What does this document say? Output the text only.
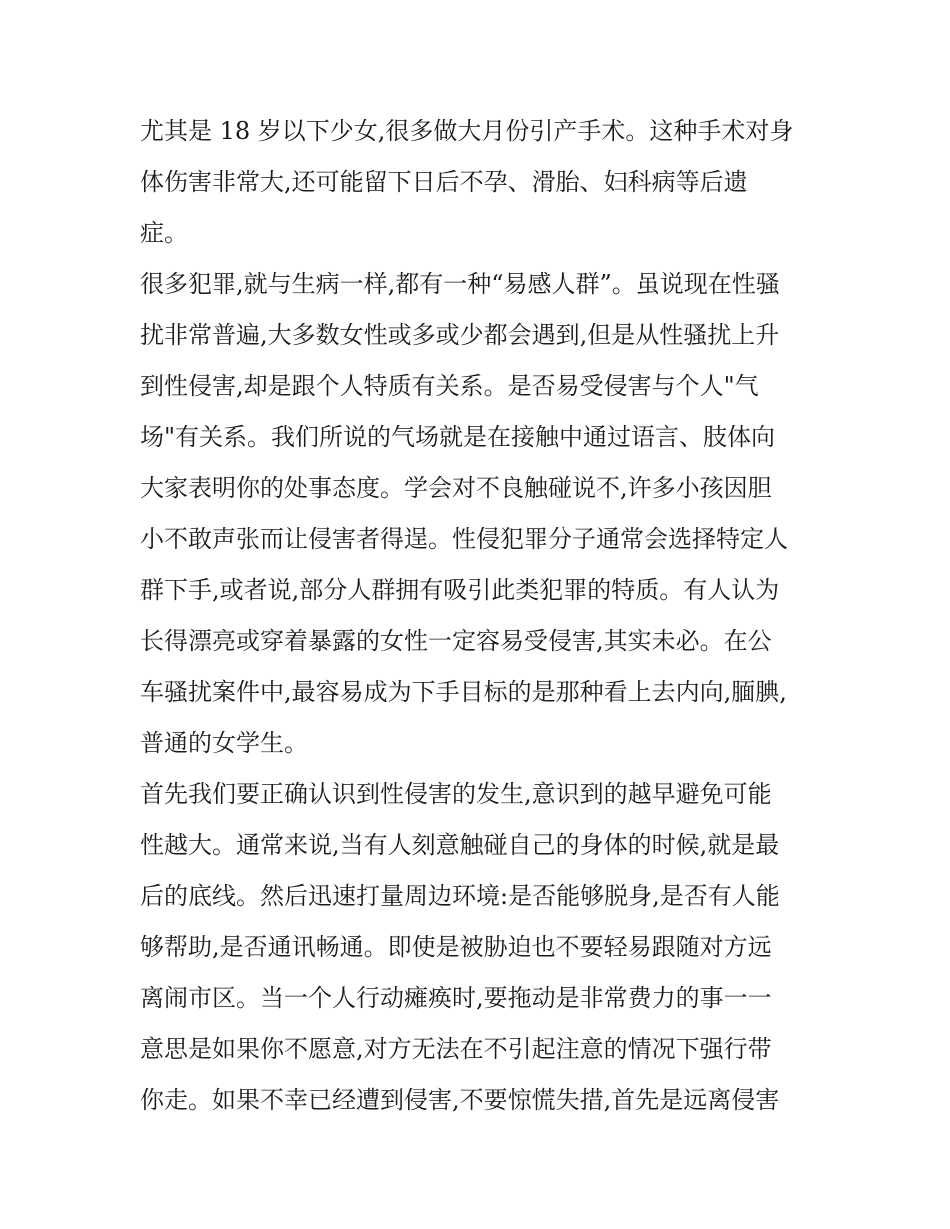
尤其是 18 岁以下少女,很多做大月份引产手术。这种手术对身
体伤害非常大,还可能留下日后不孕、滑胎、妇科病等后遗
症。
很多犯罪,就与生病一样,都有一种“易感人群”。虽说现在性骚
扰非常普遍,大多数女性或多或少都会遇到,但是从性骚扰上升
到性侵害,却是跟个人特质有关系。是否易受侵害与个人"气
场"有关系。我们所说的气场就是在接触中通过语言、肢体向
大家表明你的处事态度。学会对不良触碰说不,许多小孩因胆
小不敢声张而让侵害者得逞。性侵犯罪分子通常会选择特定人
群下手,或者说,部分人群拥有吸引此类犯罪的特质。有人认为
长得漂亮或穿着暴露的女性一定容易受侵害,其实未必。在公
车骚扰案件中,最容易成为下手目标的是那种看上去内向,腼腆,
普通的女学生。
首先我们要正确认识到性侵害的发生,意识到的越早避免可能
性越大。通常来说,当有人刻意触碰自己的身体的时候,就是最
后的底线。然后迅速打量周边环境:是否能够脱身,是否有人能
够帮助,是否通讯畅通。即使是被胁迫也不要轻易跟随对方远
离闹市区。当一个人行动瘫痪时,要拖动是非常费力的事一一
意思是如果你不愿意,对方无法在不引起注意的情况下强行带
你走。如果不幸已经遭到侵害,不要惊慌失措,首先是远离侵害
